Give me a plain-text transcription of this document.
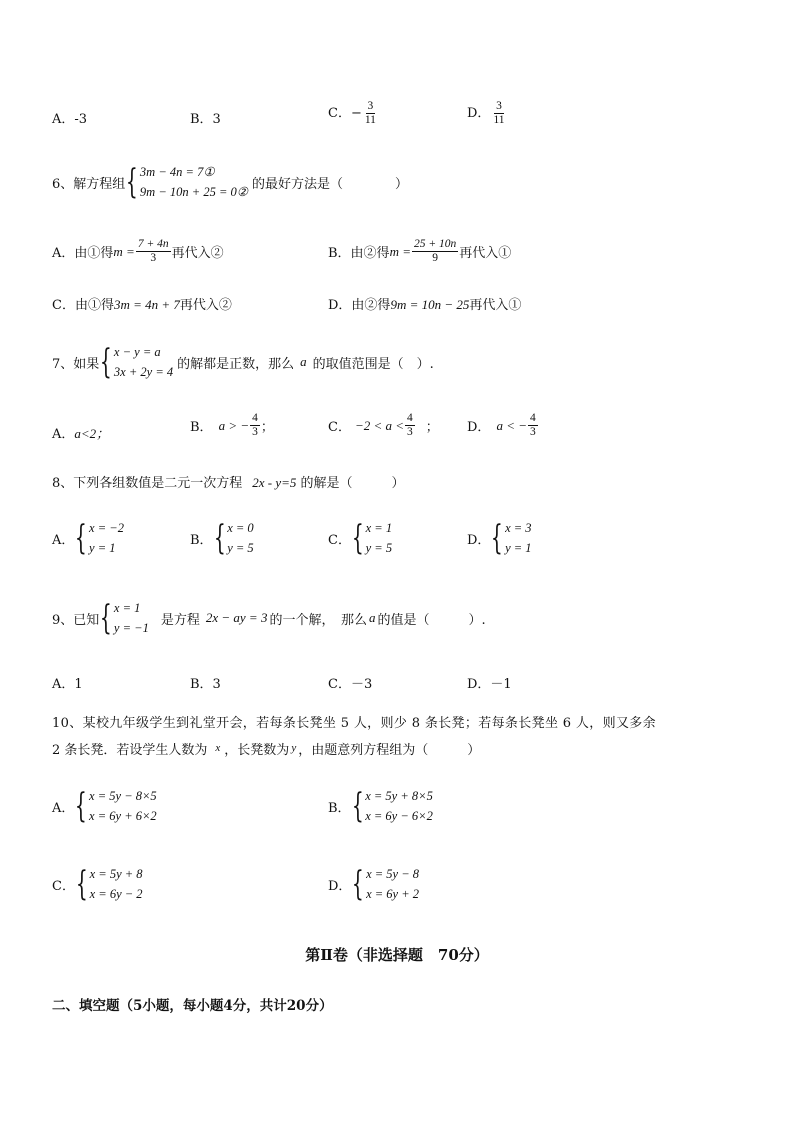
A．-3	B．3	C．− $\frac{3}{11}$	D． $\frac{3}{11}$
6、解方程组 { 3m − 4n = 7①
9m − 10n + 25 = 0②
的最好方法是（　　　　）
A．由①得 $m = \frac{7 + 4n}{3}$ 再代入②	B．由②得 $m = \frac{25 + 10n}{9}$ 再代入①
C．由①得3m = 4n + 7再代入②	D．由②得9m = 10n − 25再代入①
7、如果 { x − y = a
3x + 2y = 4
的解都是正数，那么 a 的取值范围是（　）.
A．a<2；	B． a > − $\frac{4}{3}$ ；	C． $-2 < a < \frac{4}{3}$ ； D． a < − $\frac{4}{3}$
8、下列各组数值是二元一次方程 2x - y=5 的解是（　　　）
A． { x = −2
y = 1
B． { x = 0
y = 5
C． { x = 1
y = 5
D． { x = 3
y = 1
9、已知 { x = 1
y = −1
是方程 2x − ay = 3 的一个解，　那么 a 的值是（　　　）.
A．1	B．3	C．－3	D．－1
10、某校九年级学生到礼堂开会，若每条长凳坐 5 人，则少 8 条长凳；若每条长凳坐 6 人，则又多余
2 条长凳．若设学生人数为 $^x$ ，长凳数为 $^y$ ，由题意列方程组为（　　　）
A． { x = 5y − 8×5
x = 6y + 6×2
B． { x = 5y + 8×5
x = 6y − 6×2
C． { x = 5y + 8
x = 6y − 2
D． { x = 5y − 8
x = 6y + 2
第Ⅱ卷（非选择题　70分）
二、填空题（5小题，每小题4分，共计20分）
